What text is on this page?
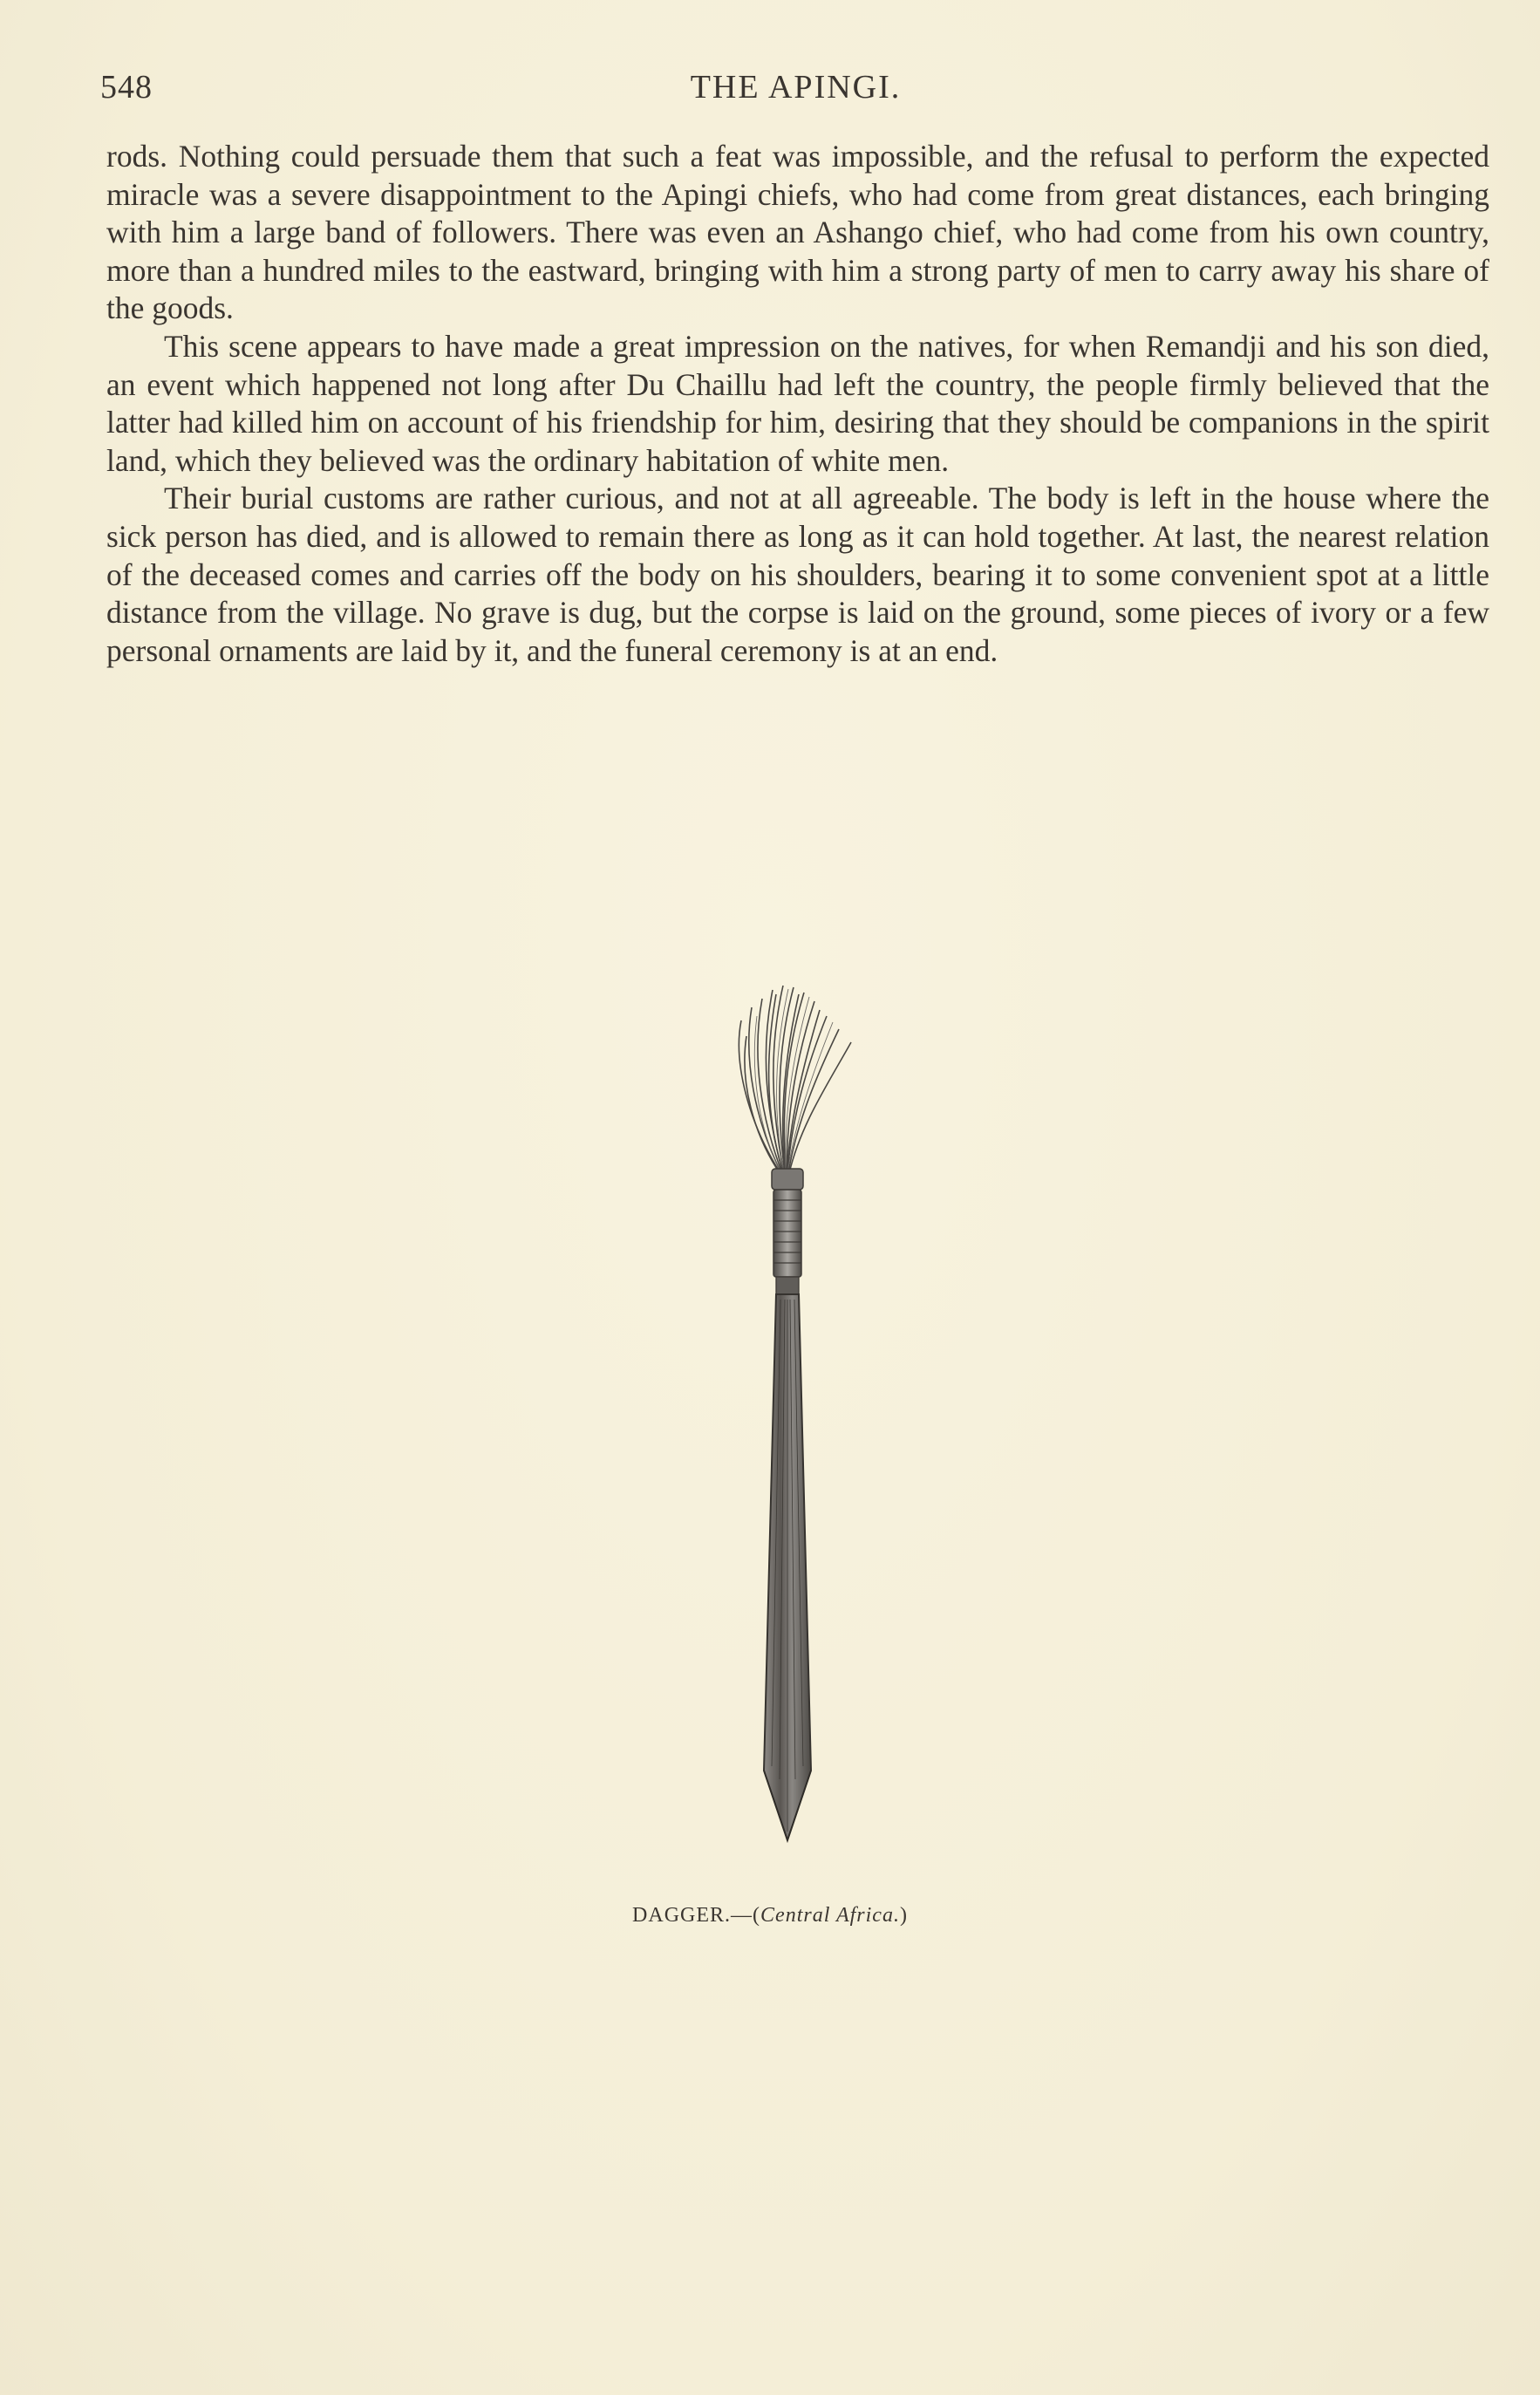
548	THE APINGI.

rods. Nothing could persuade them that such a feat was impossible, and the refusal to perform the expected miracle was a severe disappointment to the Apingi chiefs, who had come from great distances, each bringing with him a large band of followers. There was even an Ashango chief, who had come from his own country, more than a hundred miles to the eastward, bringing with him a strong party of men to carry away his share of the goods.

This scene appears to have made a great impression on the natives, for when Remandji and his son died, an event which happened not long after Du Chaillu had left the country, the people firmly believed that the latter had killed him on account of his friendship for him, desiring that they should be companions in the spirit land, which they believed was the ordinary habitation of white men.

Their burial customs are rather curious, and not at all agreeable. The body is left in the house where the sick person has died, and is allowed to remain there as long as it can hold together. At last, the nearest relation of the deceased comes and carries off the body on his shoulders, bearing it to some convenient spot at a little distance from the village. No grave is dug, but the corpse is laid on the ground, some pieces of ivory or a few personal ornaments are laid by it, and the funeral ceremony is at an end.

DAGGER.—(Central Africa.)
